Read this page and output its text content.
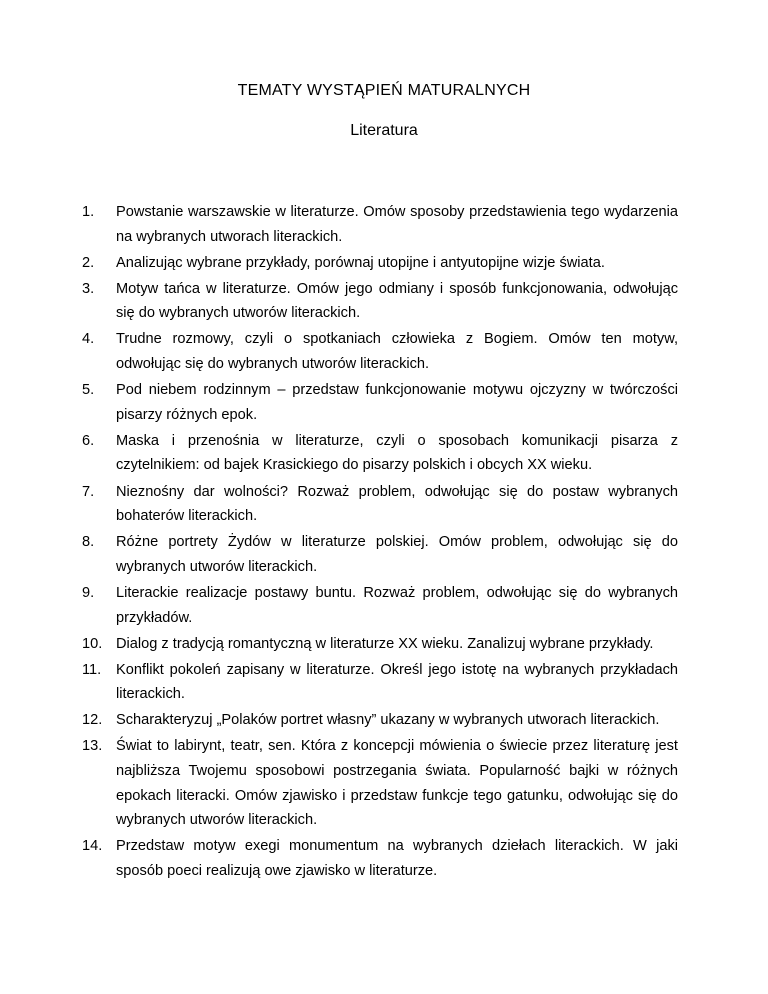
TEMATY WYSTĄPIEŃ MATURALNYCH
Literatura
1.	Powstanie warszawskie w literaturze. Omów sposoby przedstawienia tego wydarzenia na wybranych utworach literackich.
2.	Analizując wybrane przykłady, porównaj utopijne i antyutopijne wizje świata.
3.	Motyw tańca w literaturze. Omów jego odmiany i sposób funkcjonowania, odwołując się do wybranych utworów literackich.
4.	Trudne rozmowy, czyli o spotkaniach człowieka z Bogiem. Omów ten motyw, odwołując się do wybranych utworów literackich.
5.	Pod niebem rodzinnym – przedstaw funkcjonowanie motywu ojczyzny w twórczości pisarzy różnych epok.
6.	Maska i przenośnia w literaturze, czyli o sposobach komunikacji pisarza z czytelnikiem: od bajek Krasickiego do pisarzy polskich i obcych XX wieku.
7.	Nieznośny dar wolności? Rozważ problem, odwołując się do postaw wybranych bohaterów literackich.
8.	Różne portrety Żydów w literaturze polskiej. Omów problem, odwołując się do wybranych utworów literackich.
9.	Literackie realizacje postawy buntu. Rozważ problem, odwołując się do wybranych przykładów.
10. Dialog z tradycją romantyczną w literaturze XX wieku. Zanalizuj wybrane przykłady.
11.	Konflikt pokoleń zapisany w literaturze. Określ jego istotę na wybranych przykładach literackich.
12. Scharakteryzuj „Polaków portret własny” ukazany w wybranych utworach literackich.
13. Świat to labirynt, teatr, sen. Która z koncepcji mówienia o świecie przez literaturę jest najbliższa Twojemu sposobowi postrzegania świata. Popularność bajki w różnych epokach literacki. Omów zjawisko i przedstaw funkcje tego gatunku, odwołując się do wybranych utworów literackich.
14. Przedstaw motyw exegi monumentum na wybranych dziełach literackich. W jaki sposób poeci realizują owe zjawisko w literaturze.
